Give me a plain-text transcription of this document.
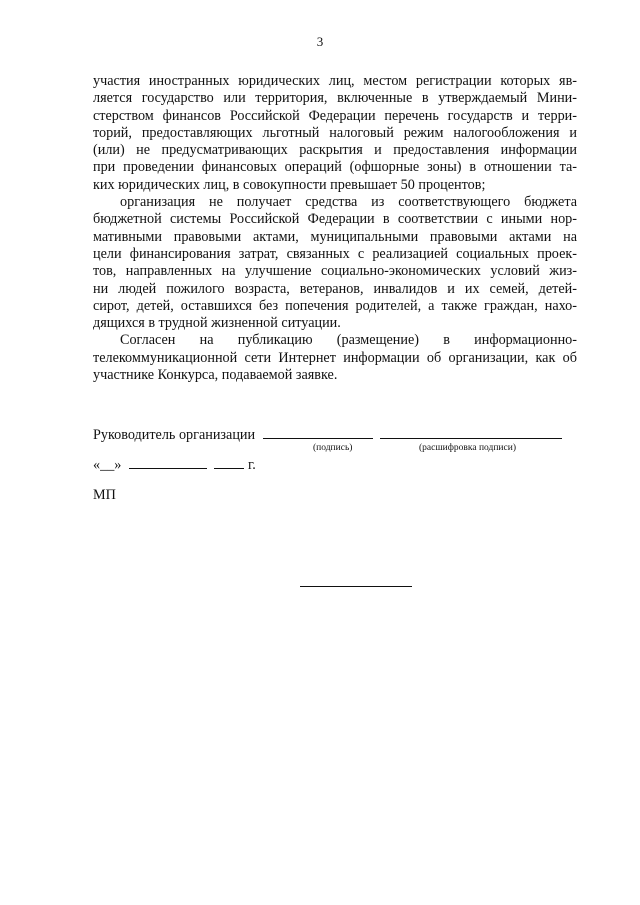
3
участия иностранных юридических лиц, местом регистрации которых яв-
ляется государство или территория, включенные в утверждаемый Мини-
стерством финансов Российской Федерации перечень государств и терри-
торий, предоставляющих льготный налоговый режим налогообложения и
(или) не предусматривающих раскрытия и предоставления информации
при проведении финансовых операций (офшорные зоны) в отношении та-
ких юридических лиц, в совокупности превышает 50 процентов;
организация не получает средства из соответствующего бюджета
бюджетной системы Российской Федерации в соответствии с иными нор-
мативными правовыми актами, муниципальными правовыми актами на
цели финансирования затрат, связанных с реализацией социальных проек-
тов, направленных на улучшение социально-экономических условий жиз-
ни людей пожилого возраста, ветеранов, инвалидов и их семей, детей-
сирот, детей, оставшихся без попечения родителей, а также граждан, нахо-
дящихся в трудной жизненной ситуации.
Согласен на публикацию (размещение) в информационно-
телекоммуникационной сети Интернет информации об организации, как об
участнике Конкурса, подаваемой заявке.
Руководитель организации
(подпись)	(расшифровка подписи)
«__»	г.
МП
